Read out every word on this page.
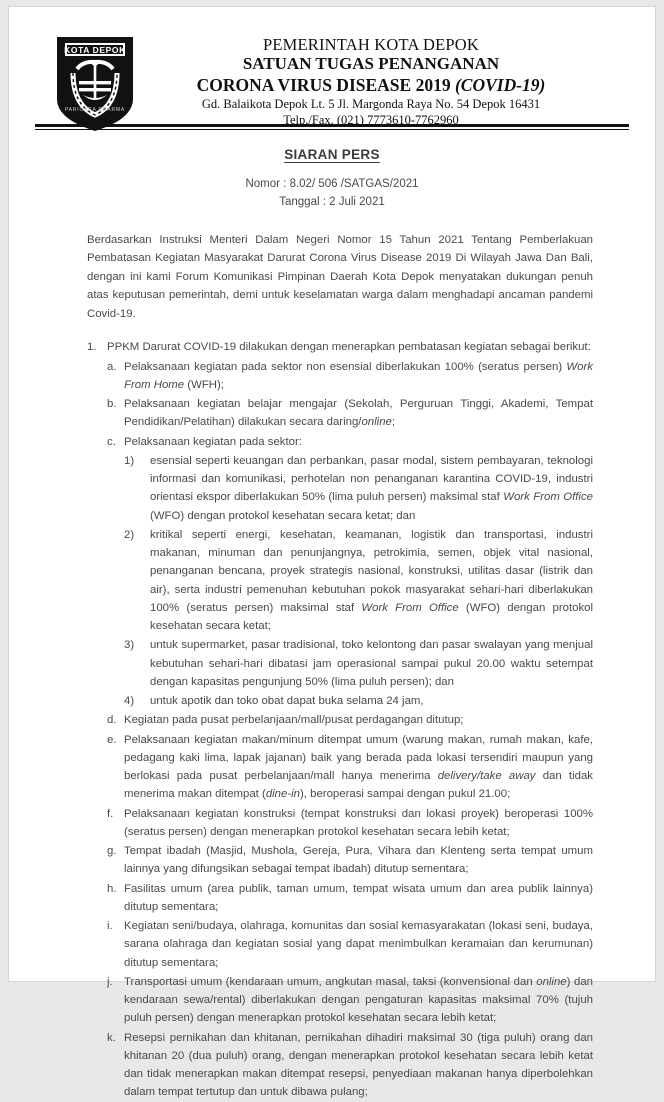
KOTA DEPOK
PARICARA DHARMA
PEMERINTAH KOTA DEPOK
SATUAN TUGAS PENANGANAN
CORONA VIRUS DISEASE 2019 (COVID-19)
Gd. Balaikota Depok Lt. 5 Jl. Margonda Raya No. 54 Depok 16431
Telp./Fax. (021) 7773610-7762960
SIARAN PERS
Nomor : 8.02/ 506 /SATGAS/2021
Tanggal : 2 Juli 2021
Berdasarkan Instruksi Menteri Dalam Negeri Nomor 15 Tahun 2021 Tentang Pemberlakuan Pembatasan Kegiatan Masyarakat Darurat Corona Virus Disease 2019 Di Wilayah Jawa Dan Bali, dengan ini kami Forum Komunikasi Pimpinan Daerah Kota Depok menyatakan dukungan penuh atas keputusan pemerintah, demi untuk keselamatan warga dalam menghadapi ancaman pandemi Covid-19.
1. PPKM Darurat COVID-19 dilakukan dengan menerapkan pembatasan kegiatan sebagai berikut:
a. Pelaksanaan kegiatan pada sektor non esensial diberlakukan 100% (seratus persen) Work From Home (WFH);
b. Pelaksanaan kegiatan belajar mengajar (Sekolah, Perguruan Tinggi, Akademi, Tempat Pendidikan/Pelatihan) dilakukan secara daring/online;
c. Pelaksanaan kegiatan pada sektor:
1)	esensial seperti keuangan dan perbankan, pasar modal, sistem pembayaran, teknologi informasi dan komunikasi, perhotelan non penanganan karantina COVID-19, industri orientasi ekspor diberlakukan 50% (lima puluh persen) maksimal staf Work From Office (WFO) dengan protokol kesehatan secara ketat; dan
2)	kritikal seperti energi, kesehatan, keamanan, logistik dan transportasi, industri makanan, minuman dan penunjangnya, petrokimia, semen, objek vital nasional, penanganan bencana, proyek strategis nasional, konstruksi, utilitas dasar (listrik dan air), serta industri pemenuhan kebutuhan pokok masyarakat sehari-hari diberlakukan 100% (seratus persen) maksimal staf Work From Office (WFO) dengan protokol kesehatan secara ketat;
3)	untuk supermarket, pasar tradisional, toko kelontong dan pasar swalayan yang menjual kebutuhan sehari-hari dibatasi jam operasional sampai pukul 20.00 waktu setempat dengan kapasitas pengunjung 50% (lima puluh persen); dan
4)	untuk apotik dan toko obat dapat buka selama 24 jam,
d. Kegiatan pada pusat perbelanjaan/mall/pusat perdagangan ditutup;
e. Pelaksanaan kegiatan makan/minum ditempat umum (warung makan, rumah makan, kafe, pedagang kaki lima, lapak jajanan) baik yang berada pada lokasi tersendiri maupun yang berlokasi pada pusat perbelanjaan/mall hanya menerima delivery/take away dan tidak menerima makan ditempat (dine-in), beroperasi sampai dengan pukul 21.00;
f. Pelaksanaan kegiatan konstruksi (tempat konstruksi dan lokasi proyek) beroperasi 100% (seratus persen) dengan menerapkan protokol kesehatan secara lebih ketat;
g. Tempat ibadah (Masjid, Mushola, Gereja, Pura, Vihara dan Klenteng serta tempat umum lainnya yang difungsikan sebagai tempat ibadah) ditutup sementara;
h. Fasilitas umum (area publik, taman umum, tempat wisata umum dan area publik lainnya) ditutup sementara;
i. Kegiatan seni/budaya, olahraga, komunitas dan sosial kemasyarakatan (lokasi seni, budaya, sarana olahraga dan kegiatan sosial yang dapat menimbulkan keramaian dan kerumunan) ditutup sementara;
j. Transportasi umum (kendaraan umum, angkutan masal, taksi (konvensional dan online) dan kendaraan sewa/rental) diberlakukan dengan pengaturan kapasitas maksimal 70% (tujuh puluh persen) dengan menerapkan protokol kesehatan secara lebih ketat;
k. Resepsi pernikahan dan khitanan, pernikahan dihadiri maksimal 30 (tiga puluh) orang dan khitanan 20 (dua puluh) orang, dengan menerapkan protokol kesehatan secara lebih ketat dan tidak menerapkan makan ditempat resepsi, penyediaan makanan hanya diperbolehkan dalam tempat tertutup dan untuk dibawa pulang;
